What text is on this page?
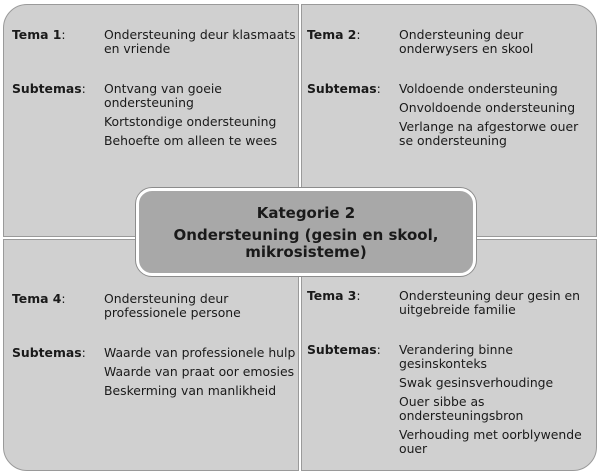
Tema 1:	Ondersteuning deur klasmaats en vriende
Subtemas:	Ontvang van goeie ondersteuning
Kortstondige ondersteuning
Behoefte om alleen te wees
Tema 2:	Ondersteuning deur onderwysers en skool
Subtemas:	Voldoende ondersteuning
Onvoldoende ondersteuning
Verlange na afgestorwe ouer se ondersteuning
Tema 4:	Ondersteuning deur professionele persone
Subtemas:	Waarde van professionele hulp
Waarde van praat oor emosies
Beskerming van manlikheid
Tema 3:	Ondersteuning deur gesin en uitgebreide familie
Subtemas:	Verandering binne gesinskonteks
Swak gesinsverhoudinge
Ouer sibbe as ondersteuningsbron
Verhouding met oorblywende ouer
Kategorie 2
Ondersteuning (gesin en skool,
mikrosisteme)
